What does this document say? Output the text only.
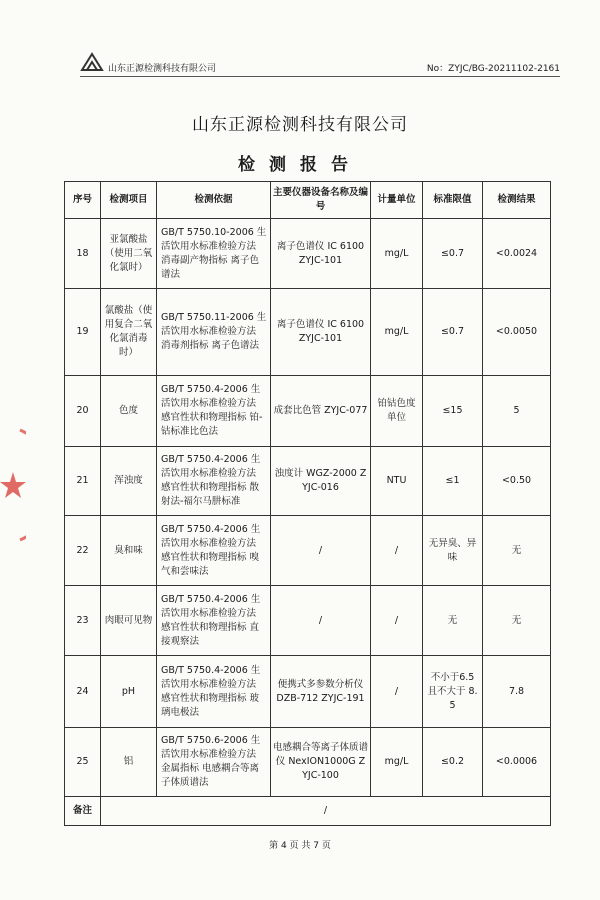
山东正源检测科技有限公司	No：ZYJC/BG-20211102-2161
山东正源检测科技有限公司
检测报告
序号	检测项目	检测依据	主要仪器设备名称及编号	计量单位	标准限值	检测结果
18	亚氯酸盐（使用二氧化氯时）	GB/T 5750.10-2006 生活饮用水标准检验方法 消毒副产物指标 离子色谱法	离子色谱仪 IC 6100 ZYJC-101	mg/L	≤0.7	<0.0024
19	氯酸盐（使用复合二氧化氯消毒时）	GB/T 5750.11-2006 生活饮用水标准检验方法 消毒剂指标 离子色谱法	离子色谱仪 IC 6100 ZYJC-101	mg/L	≤0.7	<0.0050
20	色度	GB/T 5750.4-2006 生活饮用水标准检验方法 感官性状和物理指标 铂-钴标准比色法	成套比色管 ZYJC-077	铂钴色度单位	≤15	5
21	浑浊度	GB/T 5750.4-2006 生活饮用水标准检验方法 感官性状和物理指标 散射法-福尔马肼标准	浊度计 WGZ-2000 ZYJC-016	NTU	≤1	<0.50
22	臭和味	GB/T 5750.4-2006 生活饮用水标准检验方法 感官性状和物理指标 嗅气和尝味法	/	/	无异臭、异味	无
23	肉眼可见物	GB/T 5750.4-2006 生活饮用水标准检验方法 感官性状和物理指标 直接观察法	/	/	无	无
24	pH	GB/T 5750.4-2006 生活饮用水标准检验方法 感官性状和物理指标 玻璃电极法	便携式多参数分析仪 DZB-712 ZYJC-191	/	不小于6.5 且不大于 8.5	7.8
25	铝	GB/T 5750.6-2006 生活饮用水标准检验方法 金属指标 电感耦合等离子体质谱法	电感耦合等离子体质谱仪 NexION1000G ZYJC-100	mg/L	≤0.2	<0.0006
备注	/					
第 4 页 共 7 页
